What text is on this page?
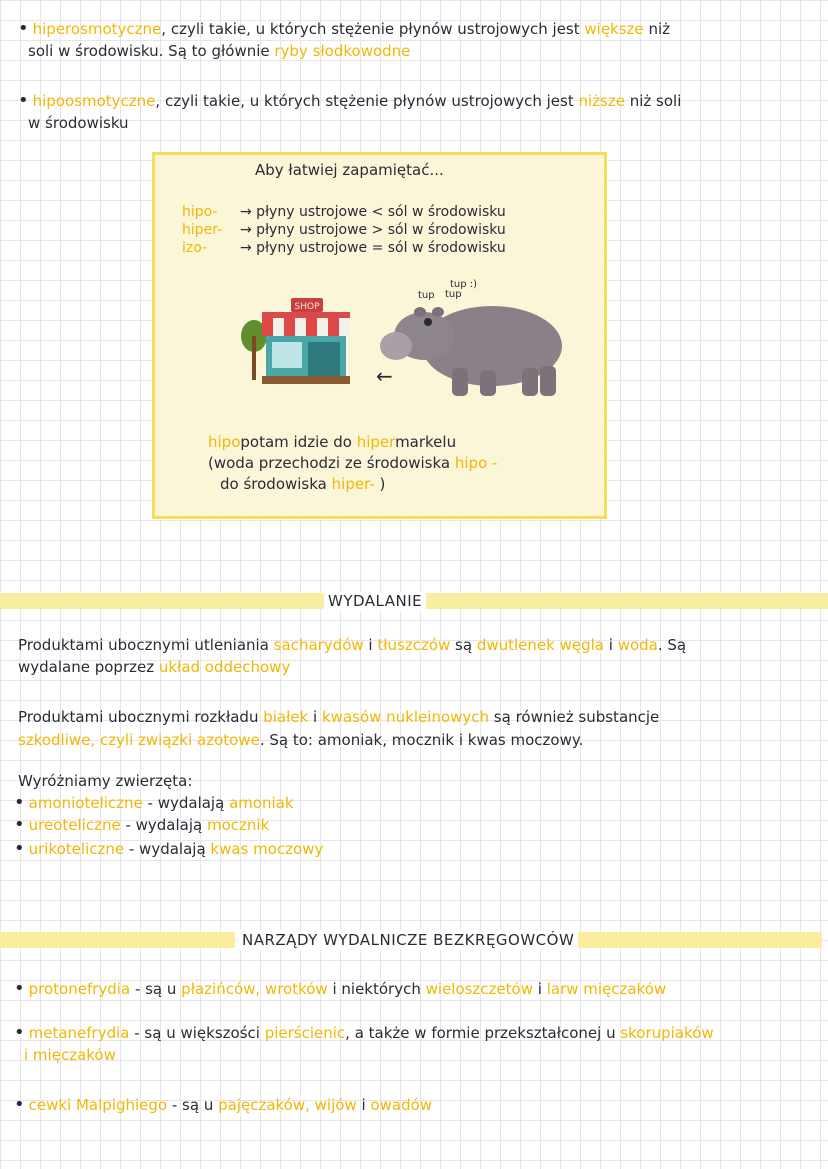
• hiperosmotyczne, czyli takie, u których stężenie płynów ustrojowych jest większe niż
soli w środowisku. Są to głównie ryby słodkowodne
• hipoosmotyczne, czyli takie, u których stężenie płynów ustrojowych jest niższe niż soli
w środowisku
Aby łatwiej zapamiętać...
hipo- → płyny ustrojowe < sól w środowisku
hiper- → płyny ustrojowe > sól w środowisku
izo- → płyny ustrojowe = sól w środowisku
tup tup
tup :)
SHOP
←
hipopotam idzie do hipermarkelu
(woda przechodzi ze środowiska hipo -
do środowiska hiper- )
WYDALANIE
Produktami ubocznymi utleniania sacharydów i tłuszczów są dwutlenek węgla i woda. Są
wydalane poprzez układ oddechowy
Produktami ubocznymi rozkładu białek i kwasów nukleinowych są również substancje
szkodliwe, czyli związki azotowe. Są to: amoniak, mocznik i kwas moczowy.
Wyróżniamy zwierzęta:
• amonioteliczne - wydalają amoniak
• ureoteliczne - wydalają mocznik
• urikoteliczne - wydalają kwas moczowy
NARZĄDY WYDALNICZE BEZKRĘGOWCÓW
• protonefrydia - są u płazińców, wrotków i niektórych wieloszczetów i larw mięczaków
• metanefrydia - są u większości pierścienic, a także w formie przekształconej u skorupiaków
i mięczaków
• cewki Malpighiego - są u pajęczaków, wijów i owadów
